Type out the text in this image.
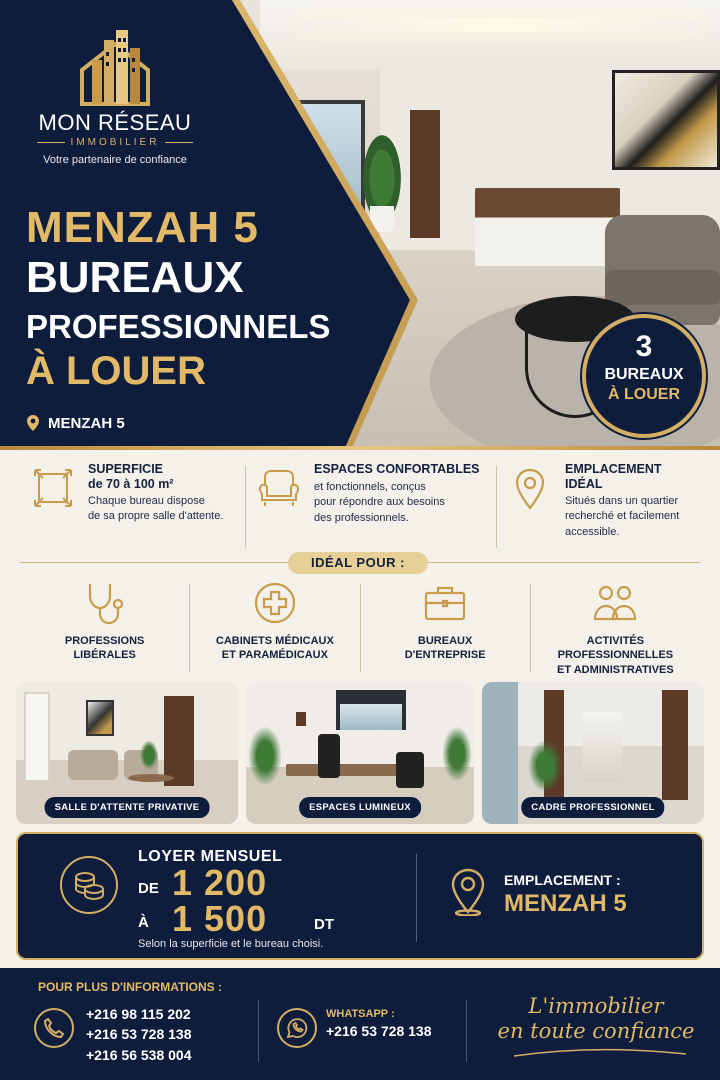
MON RÉSEAU
IMMOBILIER
Votre partenaire de confiance
MENZAH 5
BUREAUX
PROFESSIONNELS
À LOUER
MENZAH 5
3
BUREAUX
À LOUER
SUPERFICIE
de 70 à 100 m²
Chaque bureau dispose
de sa propre salle d'attente.
ESPACES CONFORTABLES
et fonctionnels, conçus
pour répondre aux besoins
des professionnels.
EMPLACEMENT
IDÉAL
Situés dans un quartier
recherché et facilement
accessible.
IDÉAL POUR :
PROFESSIONS
LIBÉRALES
CABINETS MÉDICAUX
ET PARAMÉDICAUX
BUREAUX
D'ENTREPRISE
ACTIVITÉS
PROFESSIONNELLES
ET ADMINISTRATIVES
SALLE D'ATTENTE PRIVATIVE	ESPACES LUMINEUX	CADRE PROFESSIONNEL
LOYER MENSUEL
DE 1 200
À 1 500	DT
Selon la superficie et le bureau choisi.
EMPLACEMENT :
MENZAH 5
POUR PLUS D'INFORMATIONS :
+216 98 115 202
+216 53 728 138
+216 56 538 004
WHATSAPP :
+216 53 728 138
L'immobilier
en toute confiance
